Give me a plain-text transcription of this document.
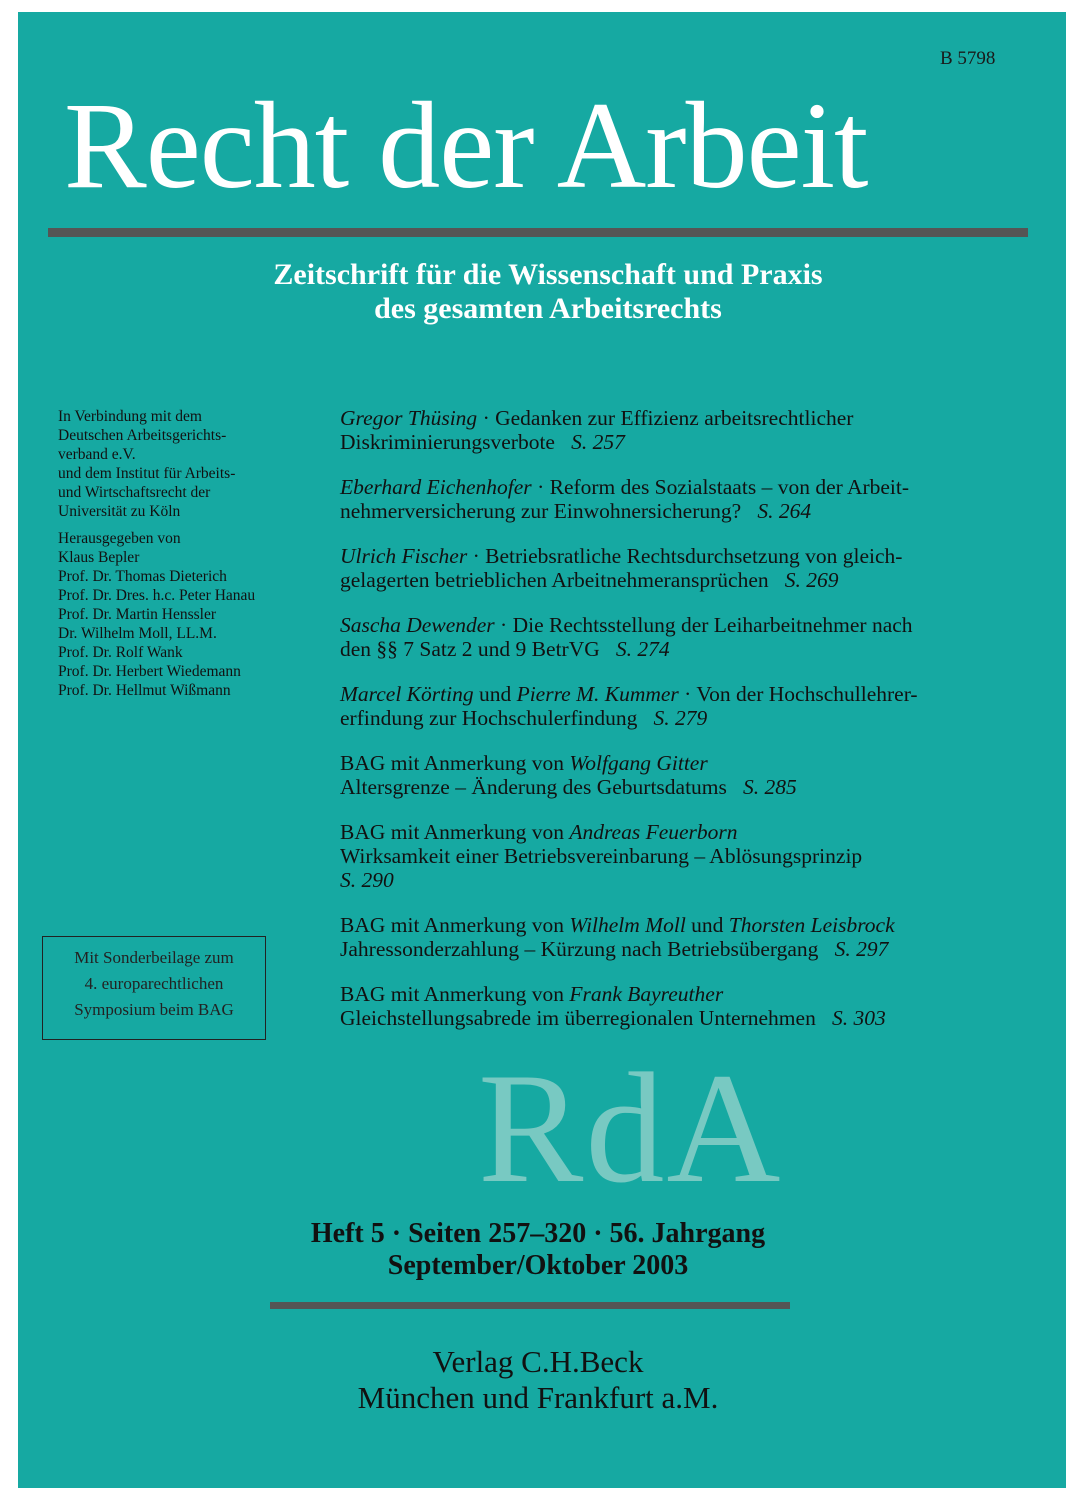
B 5798
Recht der Arbeit
Zeitschrift für die Wissenschaft und Praxis
des gesamten Arbeitsrechts
In Verbindung mit dem
Deutschen Arbeitsgerichts-
verband e.V.
und dem Institut für Arbeits-
und Wirtschaftsrecht der
Universität zu Köln
Herausgegeben von
Klaus Bepler
Prof. Dr. Thomas Dieterich
Prof. Dr. Dres. h.c. Peter Hanau
Prof. Dr. Martin Henssler
Dr. Wilhelm Moll, LL.M.
Prof. Dr. Rolf Wank
Prof. Dr. Herbert Wiedemann
Prof. Dr. Hellmut Wißmann
Mit Sonderbeilage zum
4. europarechtlichen
Symposium beim BAG
Gregor Thüsing · Gedanken zur Effizienz arbeitsrechtlicher
Diskriminierungsverbote S. 257
Eberhard Eichenhofer · Reform des Sozialstaats – von der Arbeit-
nehmerversicherung zur Einwohnersicherung? S. 264
Ulrich Fischer · Betriebsratliche Rechtsdurchsetzung von gleich-
gelagerten betrieblichen Arbeitnehmeransprüchen S. 269
Sascha Dewender · Die Rechtsstellung der Leiharbeitnehmer nach
den §§ 7 Satz 2 und 9 BetrVG S. 274
Marcel Körting und Pierre M. Kummer · Von der Hochschullehrer-
erfindung zur Hochschulerfindung S. 279
BAG mit Anmerkung von Wolfgang Gitter
Altersgrenze – Änderung des Geburtsdatums S. 285
BAG mit Anmerkung von Andreas Feuerborn
Wirksamkeit einer Betriebsvereinbarung – Ablösungsprinzip
S. 290
BAG mit Anmerkung von Wilhelm Moll und Thorsten Leisbrock
Jahressonderzahlung – Kürzung nach Betriebsübergang S. 297
BAG mit Anmerkung von Frank Bayreuther
Gleichstellungsabrede im überregionalen Unternehmen S. 303
RdA
Heft 5 · Seiten 257–320 · 56. Jahrgang
September/Oktober 2003
Verlag C.H.Beck
München und Frankfurt a.M.
